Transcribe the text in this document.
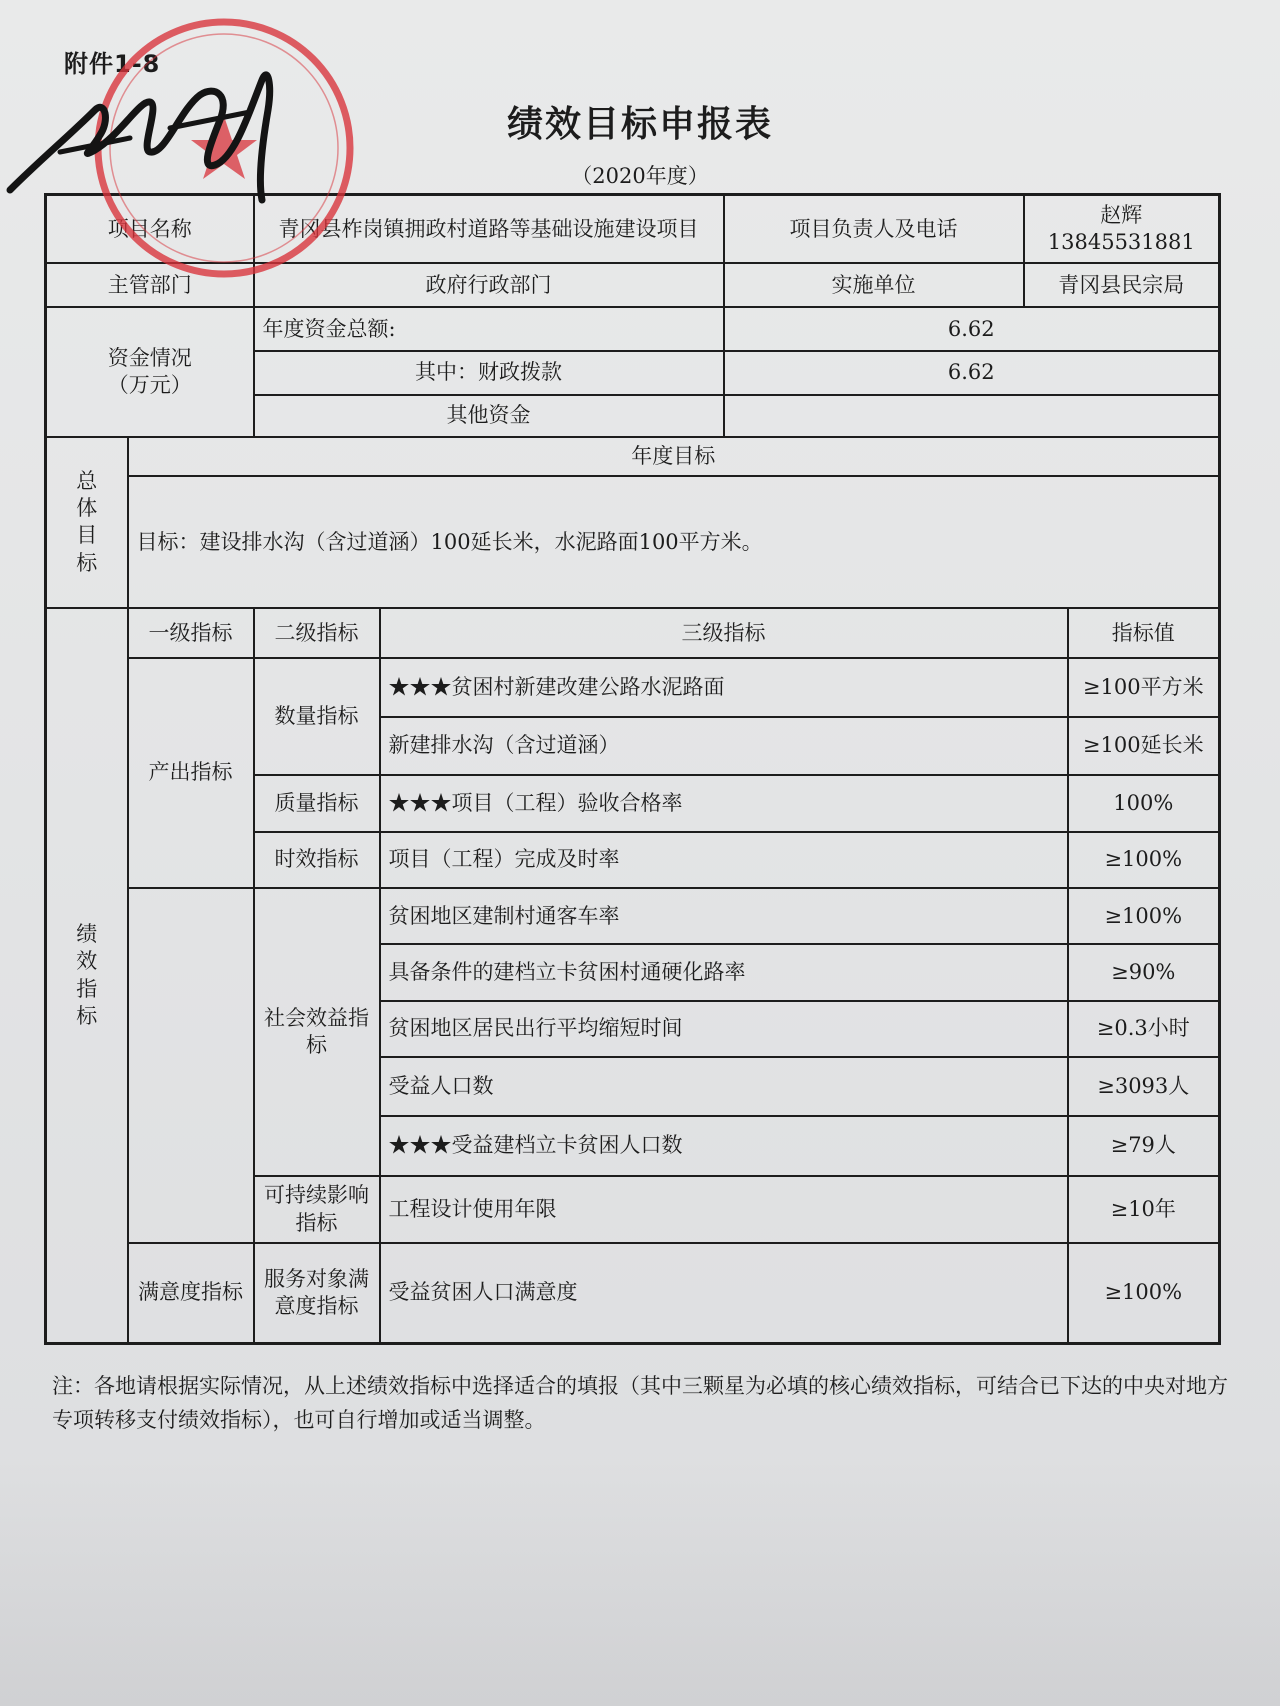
附件1-8
绩效目标申报表
（2020年度）
项目名称		青冈县柞岗镇拥政村道路等基础设施建设项目		项目负责人及电话	赵辉13845531881	
主管部门		政府行政部门		实施单位	青冈县民宗局	

资金情况
（万元）		年度资金总额:		6.62		
		其中：财政拨款		6.62		
		其他资金				

总
体
目
标	年度目标					
	目标：建设排水沟（含过道涵）100延长米，水泥路面100平方米。					

绩
效
指
标	一级指标	二级指标	三级指标			指标值
	产出指标	数量指标	★★★贫困村新建改建公路水泥路面			≥100平方米
			新建排水沟（含过道涵）			≥100延长米
		质量指标	★★★项目（工程）验收合格率			100%
		时效指标	项目（工程）完成及时率			≥100%
		社会效益指标	贫困地区建制村通客车率			≥100%
			具备条件的建档立卡贫困村通硬化路率			≥90%
			贫困地区居民出行平均缩短时间			≥0.3小时
			受益人口数			≥3093人
			★★★受益建档立卡贫困人口数			≥79人
		可持续影响指标	工程设计使用年限			≥10年
	满意度指标	服务对象满意度指标	受益贫困人口满意度			≥100%
注：各地请根据实际情况，从上述绩效指标中选择适合的填报（其中三颗星为必填的核心绩效指标，可结合已下达的中央对地方专项转移支付绩效指标），也可自行增加或适当调整。
